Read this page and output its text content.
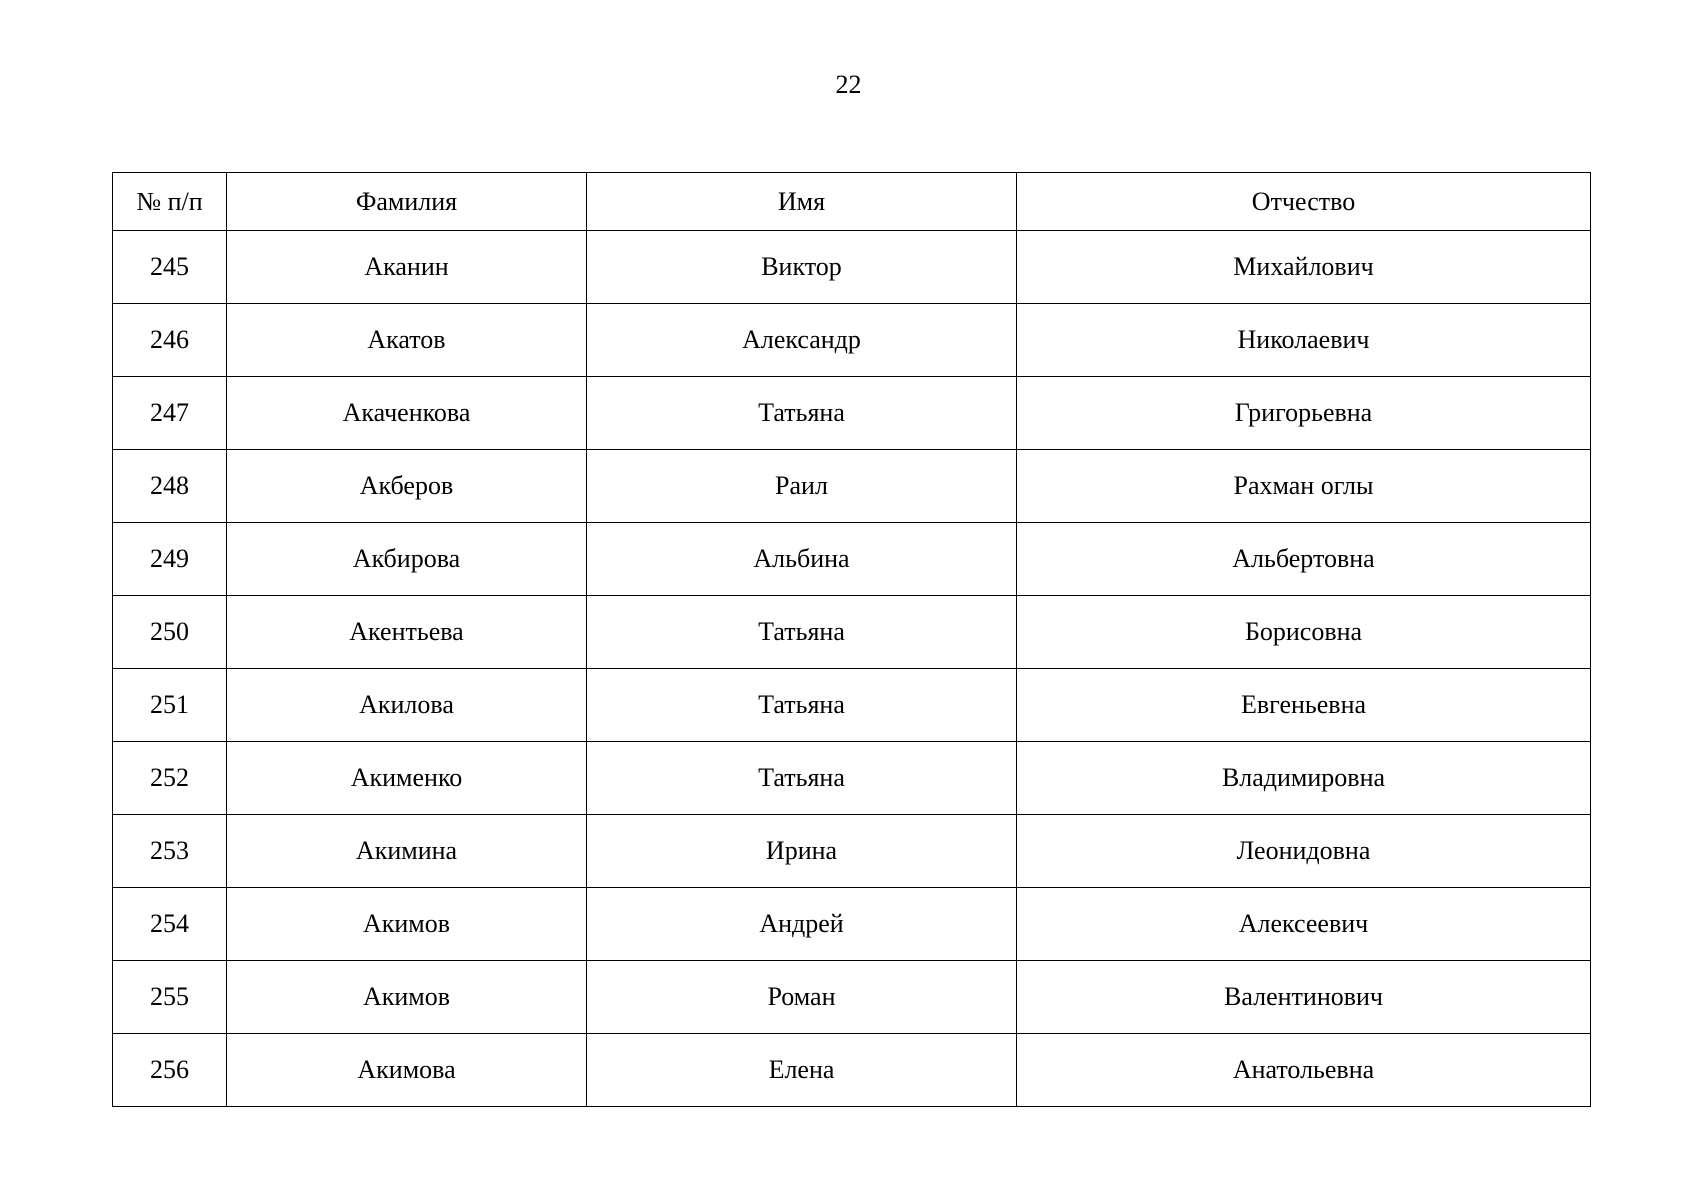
22
№ п/п	Фамилия	Имя	Отчество
245	Аканин	Виктор	Михайлович
246	Акатов	Александр	Николаевич
247	Акаченкова	Татьяна	Григорьевна
248	Акберов	Раил	Рахман оглы
249	Акбирова	Альбина	Альбертовна
250	Акентьева	Татьяна	Борисовна
251	Акилова	Татьяна	Евгеньевна
252	Акименко	Татьяна	Владимировна
253	Акимина	Ирина	Леонидовна
254	Акимов	Андрей	Алексеевич
255	Акимов	Роман	Валентинович
256	Акимова	Елена	Анатольевна
